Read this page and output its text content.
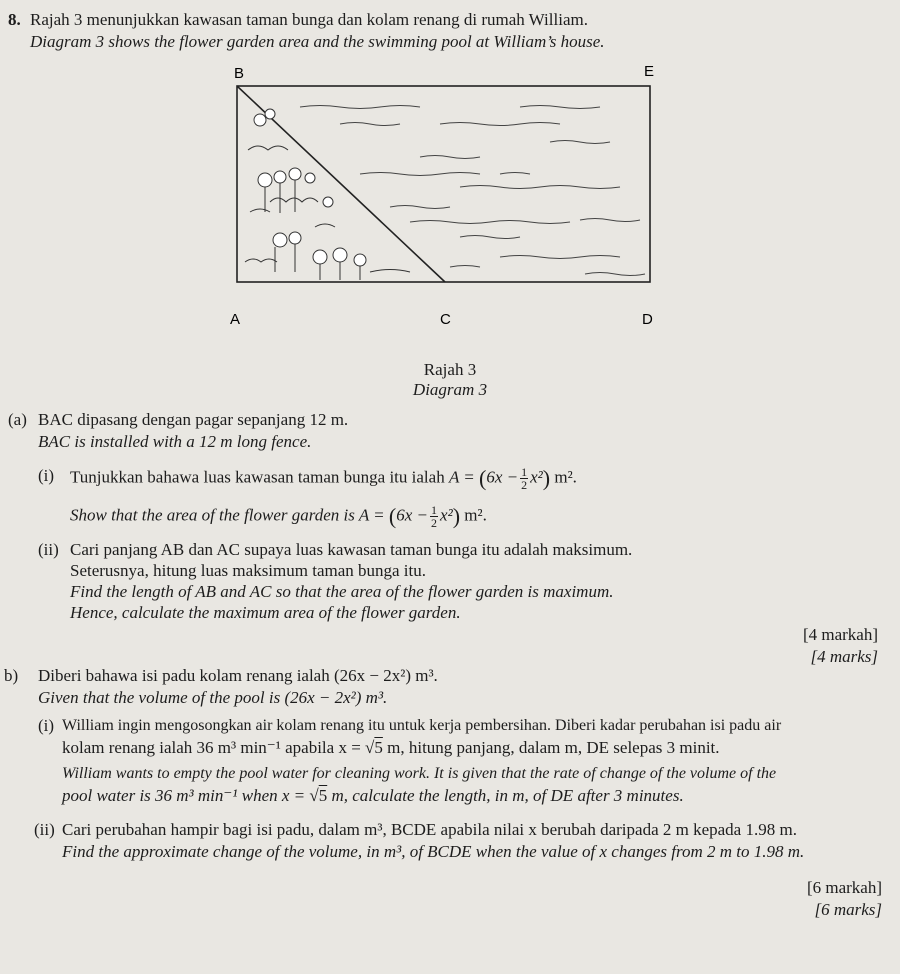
8. Rajah 3 menunjukkan kawasan taman bunga dan kolam renang di rumah William.
Diagram 3 shows the flower garden area and the swimming pool at William’s house.
B	E
A	C	D
Rajah 3
Diagram 3
(a) BAC dipasang dengan pagar sepanjang 12 m.
BAC is installed with a 12 m long fence.
(i) Tunjukkan bahawa luas kawasan taman bunga itu ialah $A = (6x - \frac{1}{2} x^2)$ m².
Show that the area of the flower garden is $A = (6x - \frac{1}{2} x^2)$ m².
(ii) Cari panjang AB dan AC supaya luas kawasan taman bunga itu adalah maksimum.
Seterusnya, hitung luas maksimum taman bunga itu.
Find the length of AB and AC so that the area of the flower garden is maximum.
Hence, calculate the maximum area of the flower garden.
[4 markah]
[4 marks]
b) Diberi bahawa isi padu kolam renang ialah (26x − 2x²) m³.
Given that the volume of the pool is (26x − 2x²) m³.
(i) William ingin mengosongkan air kolam renang itu untuk kerja pembersihan. Diberi kadar perubahan isi padu air
kolam renang ialah 36 m³ min⁻¹ apabila x = √5 m, hitung panjang, dalam m, DE selepas 3 minit.
William wants to empty the pool water for cleaning work. It is given that the rate of change of the volume of the
pool water is 36 m³ min⁻¹ when x = √5 m, calculate the length, in m, of DE after 3 minutes.
(ii) Cari perubahan hampir bagi isi padu, dalam m³, BCDE apabila nilai x berubah daripada 2 m kepada 1.98 m.
Find the approximate change of the volume, in m³, of BCDE when the value of x changes from 2 m to 1.98 m.
[6 markah]
[6 marks]
